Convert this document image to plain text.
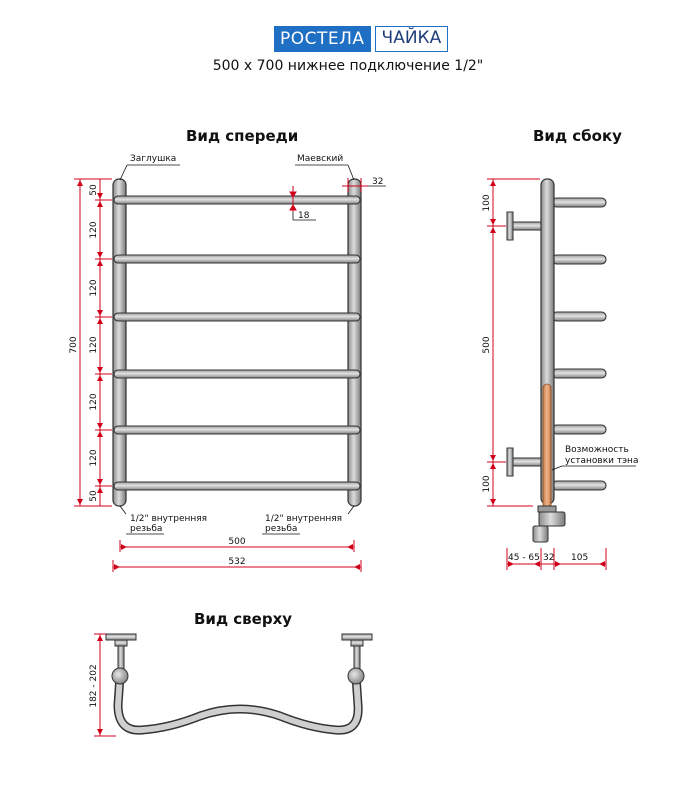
РОСТЕЛА	ЧАЙКА
500 х 700 нижнее подключение 1/2"
Вид спереди	Вид сбоку
Вид сверху
Заглушка	Маевский
32
18
700
50
120
120
120
120
120
50
1/2" внутренняя
резьба
1/2" внутренняя
резьба
500
532
Возможность
установки тэна
100
500
100
45 - 65 32 105
182 - 202
